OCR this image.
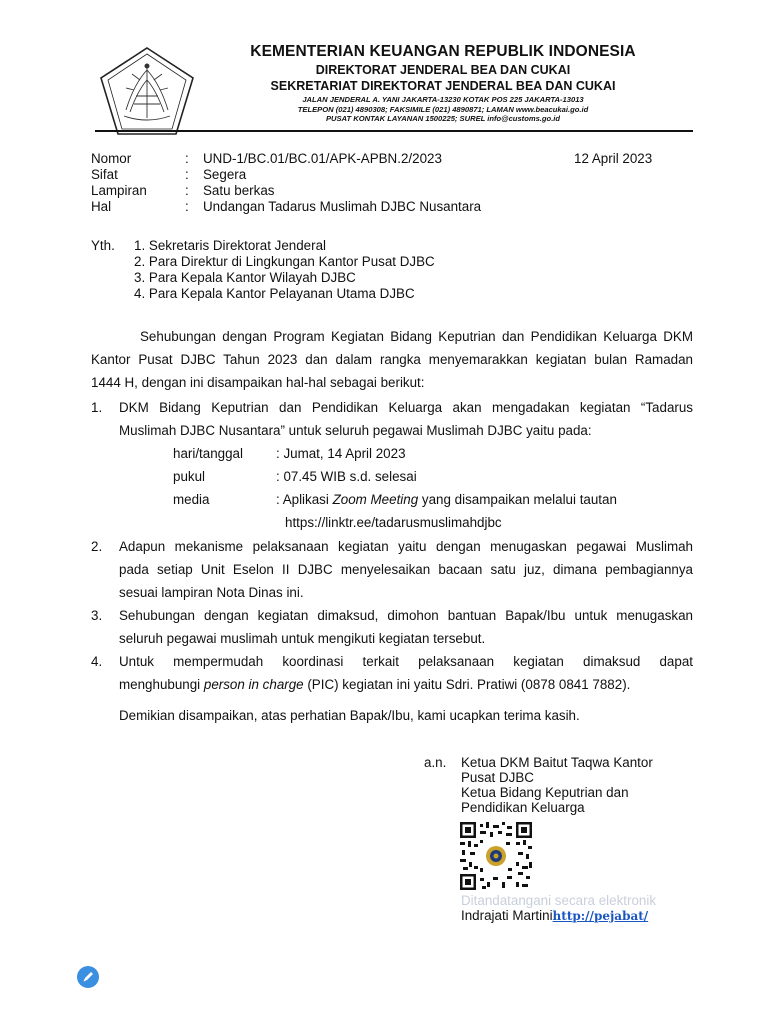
KEMENTERIAN KEUANGAN REPUBLIK INDONESIA
DIREKTORAT JENDERAL BEA DAN CUKAI
SEKRETARIAT DIREKTORAT JENDERAL BEA DAN CUKAI
JALAN JENDERAL A. YANI JAKARTA-13230 KOTAK POS 225 JAKARTA-13013
TELEPON (021) 4890308; FAKSIMILE (021) 4890871; LAMAN www.beacukai.go.id
PUSAT KONTAK LAYANAN 1500225; SUREL info@customs.go.id
Nomor	: UND-1/BC.01/BC.01/APK-APBN.2/2023	12 April 2023
Sifat	: Segera
Lampiran	: Satu berkas
Hal	: Undangan Tadarus Muslimah DJBC Nusantara
Yth. 1. Sekretaris Direktorat Jenderal
2. Para Direktur di Lingkungan Kantor Pusat DJBC
3. Para Kepala Kantor Wilayah DJBC
4. Para Kepala Kantor Pelayanan Utama DJBC
Sehubungan dengan Program Kegiatan Bidang Keputrian dan Pendidikan Keluarga DKM
Kantor Pusat DJBC Tahun 2023 dan dalam rangka menyemarakkan kegiatan bulan Ramadan
1444 H, dengan ini disampaikan hal-hal sebagai berikut:
1. DKM Bidang Keputrian dan Pendidikan Keluarga akan mengadakan kegiatan “Tadarus
Muslimah DJBC Nusantara” untuk seluruh pegawai Muslimah DJBC yaitu pada:
hari/tanggal : Jumat, 14 April 2023
pukul	: 07.45 WIB s.d. selesai
media	: Aplikasi Zoom Meeting yang disampaikan melalui tautan
https://linktr.ee/tadarusmuslimahdjbc
2. Adapun mekanisme pelaksanaan kegiatan yaitu dengan menugaskan pegawai Muslimah
pada setiap Unit Eselon II DJBC menyelesaikan bacaan satu juz, dimana pembagiannya
sesuai lampiran Nota Dinas ini.
3. Sehubungan dengan kegiatan dimaksud, dimohon bantuan Bapak/Ibu untuk menugaskan
seluruh pegawai muslimah untuk mengikuti kegiatan tersebut.
4. Untuk mempermudah koordinasi terkait pelaksanaan kegiatan dimaksud dapat
menghubungi person in charge (PIC) kegiatan ini yaitu Sdri. Pratiwi (0878 0841 7882).
Demikian disampaikan, atas perhatian Bapak/Ibu, kami ucapkan terima kasih.
a.n. Ketua DKM Baitut Taqwa Kantor
Pusat DJBC
Ketua Bidang Keputrian dan
Pendidikan Keluarga
Ditandatangani secara elektronik
Indrajati Martinihttp://pejabat/
